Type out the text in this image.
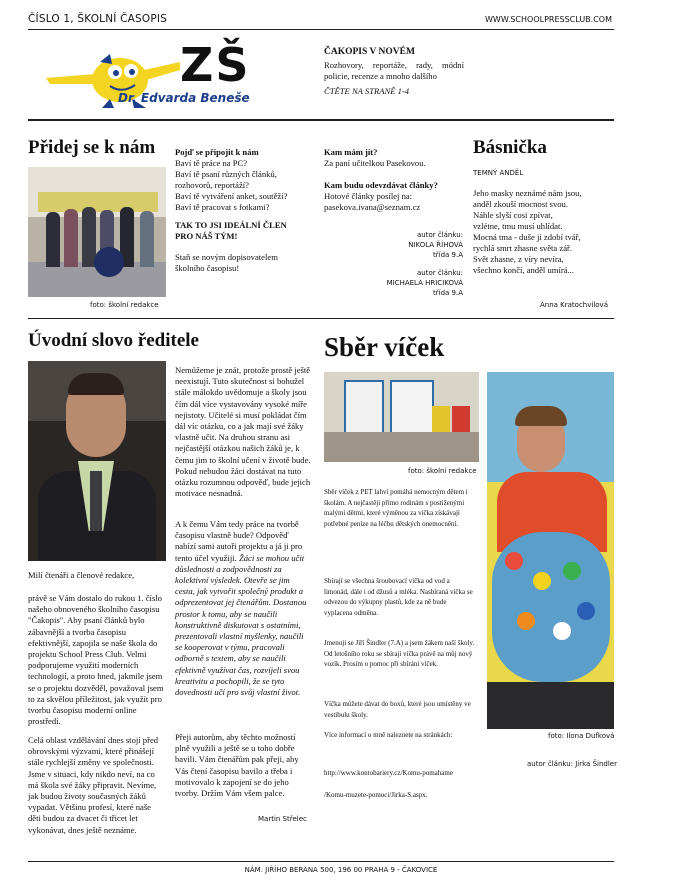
ČÍSLO 1, ŠKOLNÍ ČASOPIS	WWW.SCHOOLPRESSCLUB.COM
ZŠ
Dr. Edvarda Beneše
ČAKOPIS V NOVÉM
Rozhovory, reportáže, rady, módní policie, recenze a mnoho dalšího
ČTĚTE NA STRANĚ 1-4
Přidej se k nám
foto: školní redakce
Pojď se připojit k nám

Baví tě práce na PC?

Baví tě psaní různých článků, rozhovorů, reportáží?

Baví tě vytváření anket, soutěží?

Baví tě pracovat s fotkami?

TAK TO JSI IDEÁLNÍ ČLEN PRO NÁŠ TÝM!
Staň se novým dopisovatelem školního časopisu!
Kam mám jít?
Za paní učitelkou Pasekovou.
Kam budu odevzdávat články?
Hotové články posílej na: pasekova.ivana@seznam.cz

autor článku:

NIKOLA ŘÍHOVÁ

třída 9.A

autor článku:

MICHAELA HRICIKOVÁ

třída 9.A

Básnička
TEMNÝ ANDĚL

Jeho masky neznámé nám jsou,

anděl zkouší mocnost svou.

Náhle slyší cosi zpívat,

vzlétne, tmu musí uhlídat.

Mocná tma - duše jí zdobí tvář,

rychlá smrt zhasne světa zář.

Svět zhasne, z víry nevíra,

všechno končí, anděl umírá...

Anna Kratochvílová
Úvodní slovo ředitele
Milí čtenáři a členové redakce,
právě se Vám dostalo do rukou 1. číslo našeho obnoveného školního časopisu "Čakopis". Aby psaní článků bylo zábavnější a tvorba časopisu efektivnější, zapojila se naše škola do projektu School Press Club. Velmi podporujeme využití moderních technologií, a proto hned, jakmile jsem se o projektu dozvěděl, považoval jsem to za skvělou příležitost, jak využít pro tvorbu časopisu moderní online prostředí.
Celá oblast vzdělávání dnes stojí před obrovskými výzvami, které přinášejí stále rychlejší změny ve společnosti. Jsme v situaci, kdy nikdo neví, na co má škola své žáky připravit. Nevíme, jak budou životy současných žáků vypadat. Většinu profesí, které naše děti budou za dvacet či třicet let vykonávat, dnes ještě neznáme.
Nemůžeme je znát, protože prostě ještě neexistují. Tuto skutečnost si bohužel stále málokdo uvědomuje a školy jsou čím dál více vystavovány vysoké míře nejistoty. Učitelé si musí pokládat čím dál víc otázku, co a jak mají své žáky vlastně učit. Na druhou stranu asi nejčastější otázkou našich žáků je, k čemu jim to školní učení v životě bude. Pokud nebudou žáci dostávat na tuto otázku rozumnou odpověď, bude jejich motivace nesnadná.
A k čemu Vám tedy práce na tvorbě časopisu vlastně bude? Odpověď nabízí sami autoři projektu a já ji pro tento účel využiji. Žáci se mohou učit důslednosti a zodpovědnosti za kolektivní výsledek. Otevře se jim cesta, jak vytvořit společný produkt a odprezentovat jej čtenářům. Dostanou prostor k tomu, aby se naučili konstruktivně diskutovat s ostatními, prezentovali vlastní myšlenky, naučili se kooperovat v týmu, pracovali odborně s textem, aby se naučili efektivně využívat čas, rozvíjeli svou kreativitu a pochopili, že se tyto dovednosti učí pro svůj vlastní život.
Přeji autorům, aby těchto možností plně využili a ještě se u toho dobře bavili. Vám čtenářům pak přeji, aby Vás čtení časopisu bavilo a třeba i motivovalo k zapojení se do jeho tvorby. Držím Vám všem palce.
Martin Střelec
Sběr víček
foto: školní redakce
foto: Ilona Dufková
Sběr víček z PET lahví pomáhá nemocným dětem i školám. A nejčastěji přímo rodinám s postiženými malými dětmi, které výměnou za víčka získávají potřebné peníze na léčbu dětských onemocnění.
Sbírají se všechna šroubovací víčka od vod a limonád, dále i od džusů a mléka. Nasbíraná víčka se odvezou do výkupny plastů, kde za ně bude vyplacena odměna.
Jmenuji se Jiří Šindler (7.A) a jsem žákem naší školy. Od letošního roku se sbírají víčka právě na můj nový vozík. Prosím o pomoc při sbírání víček.
Víčka můžete dávat do boxů, které jsou umístěny ve vestibulu školy.
Více informací o mně naleznete na stránkách:
http://www.kontobariery.cz/Komu-pomahame
/Komu-muzete-pomoci/Jirka-S.aspx.
autor článku: Jirka Šindler
NÁM. JIŘÍHO BERANA 500, 196 00 PRAHA 9 - ČAKOVICE
